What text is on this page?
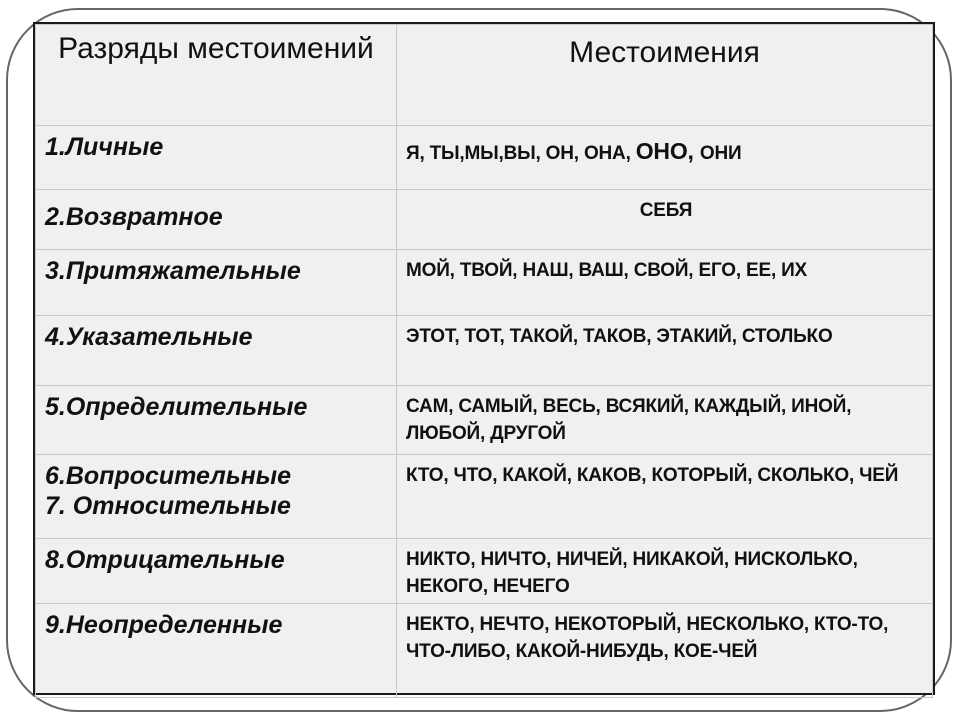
Разряды местоимений	Местоимения
1.Личные	Я, ТЫ,МЫ,ВЫ, ОН, ОНА, ОНО, ОНИ
2.Возвратное	СЕБЯ
3.Притяжательные	МОЙ, ТВОЙ, НАШ, ВАШ, СВОЙ, ЕГО, ЕЕ, ИХ
4.Указательные	ЭТОТ, ТОТ, ТАКОЙ, ТАКОВ, ЭТАКИЙ, СТОЛЬКО
5.Определительные	САМ, САМЫЙ, ВЕСЬ, ВСЯКИЙ, КАЖДЫЙ, ИНОЙ, ЛЮБОЙ, ДРУГОЙ

6.Вопросительные
7. Относительные	КТО, ЧТО, КАКОЙ, КАКОВ, КОТОРЫЙ, СКОЛЬКО, ЧЕЙ
8.Отрицательные	НИКТО, НИЧТО, НИЧЕЙ, НИКАКОЙ, НИСКОЛЬКО, НЕКОГО, НЕЧЕГО
9.Неопределенные	НЕКТО, НЕЧТО, НЕКОТОРЫЙ, НЕСКОЛЬКО, КТО-ТО, ЧТО-ЛИБО, КАКОЙ-НИБУДЬ, КОЕ-ЧЕЙ
